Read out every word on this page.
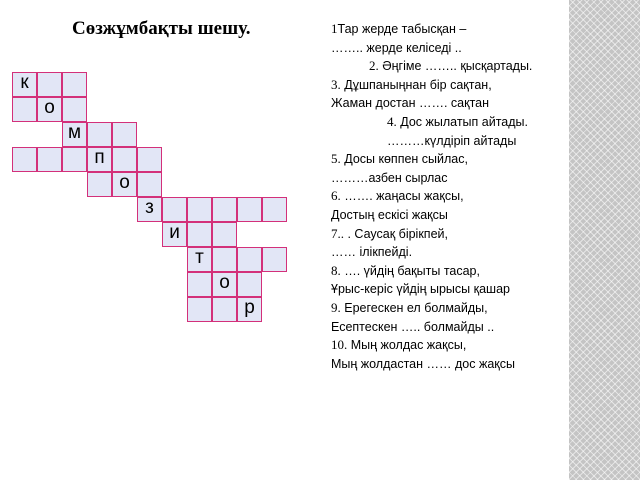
Сөзжұмбақты шешу.
к
о
м
п
о
з
и
т
о
р
1Тар жерде табысқан –
…….. жерде келіседі ..
2. Әңгіме …….. қысқартады.
3. Дұшпаныңнан бір сақтан,
Жаман достан ……. сақтан
4. Дос жылатып айтады.
………күлдіріп айтады
5. Досы көппен сыйлас,
………азбен сырлас
6. ……. жаңасы жақсы,
Достың ескісі жақсы
7.. . Саусақ бірікпей,
…… ілікпейді.
8. …. үйдің бақыты тасар,
Ұрыс-керіс үйдің ырысы қашар
9. Ерегескен ел болмайды,
Есептескен ….. болмайды ..
10. Мың жолдас жақсы,
Мың жолдастан …… дос жақсы
